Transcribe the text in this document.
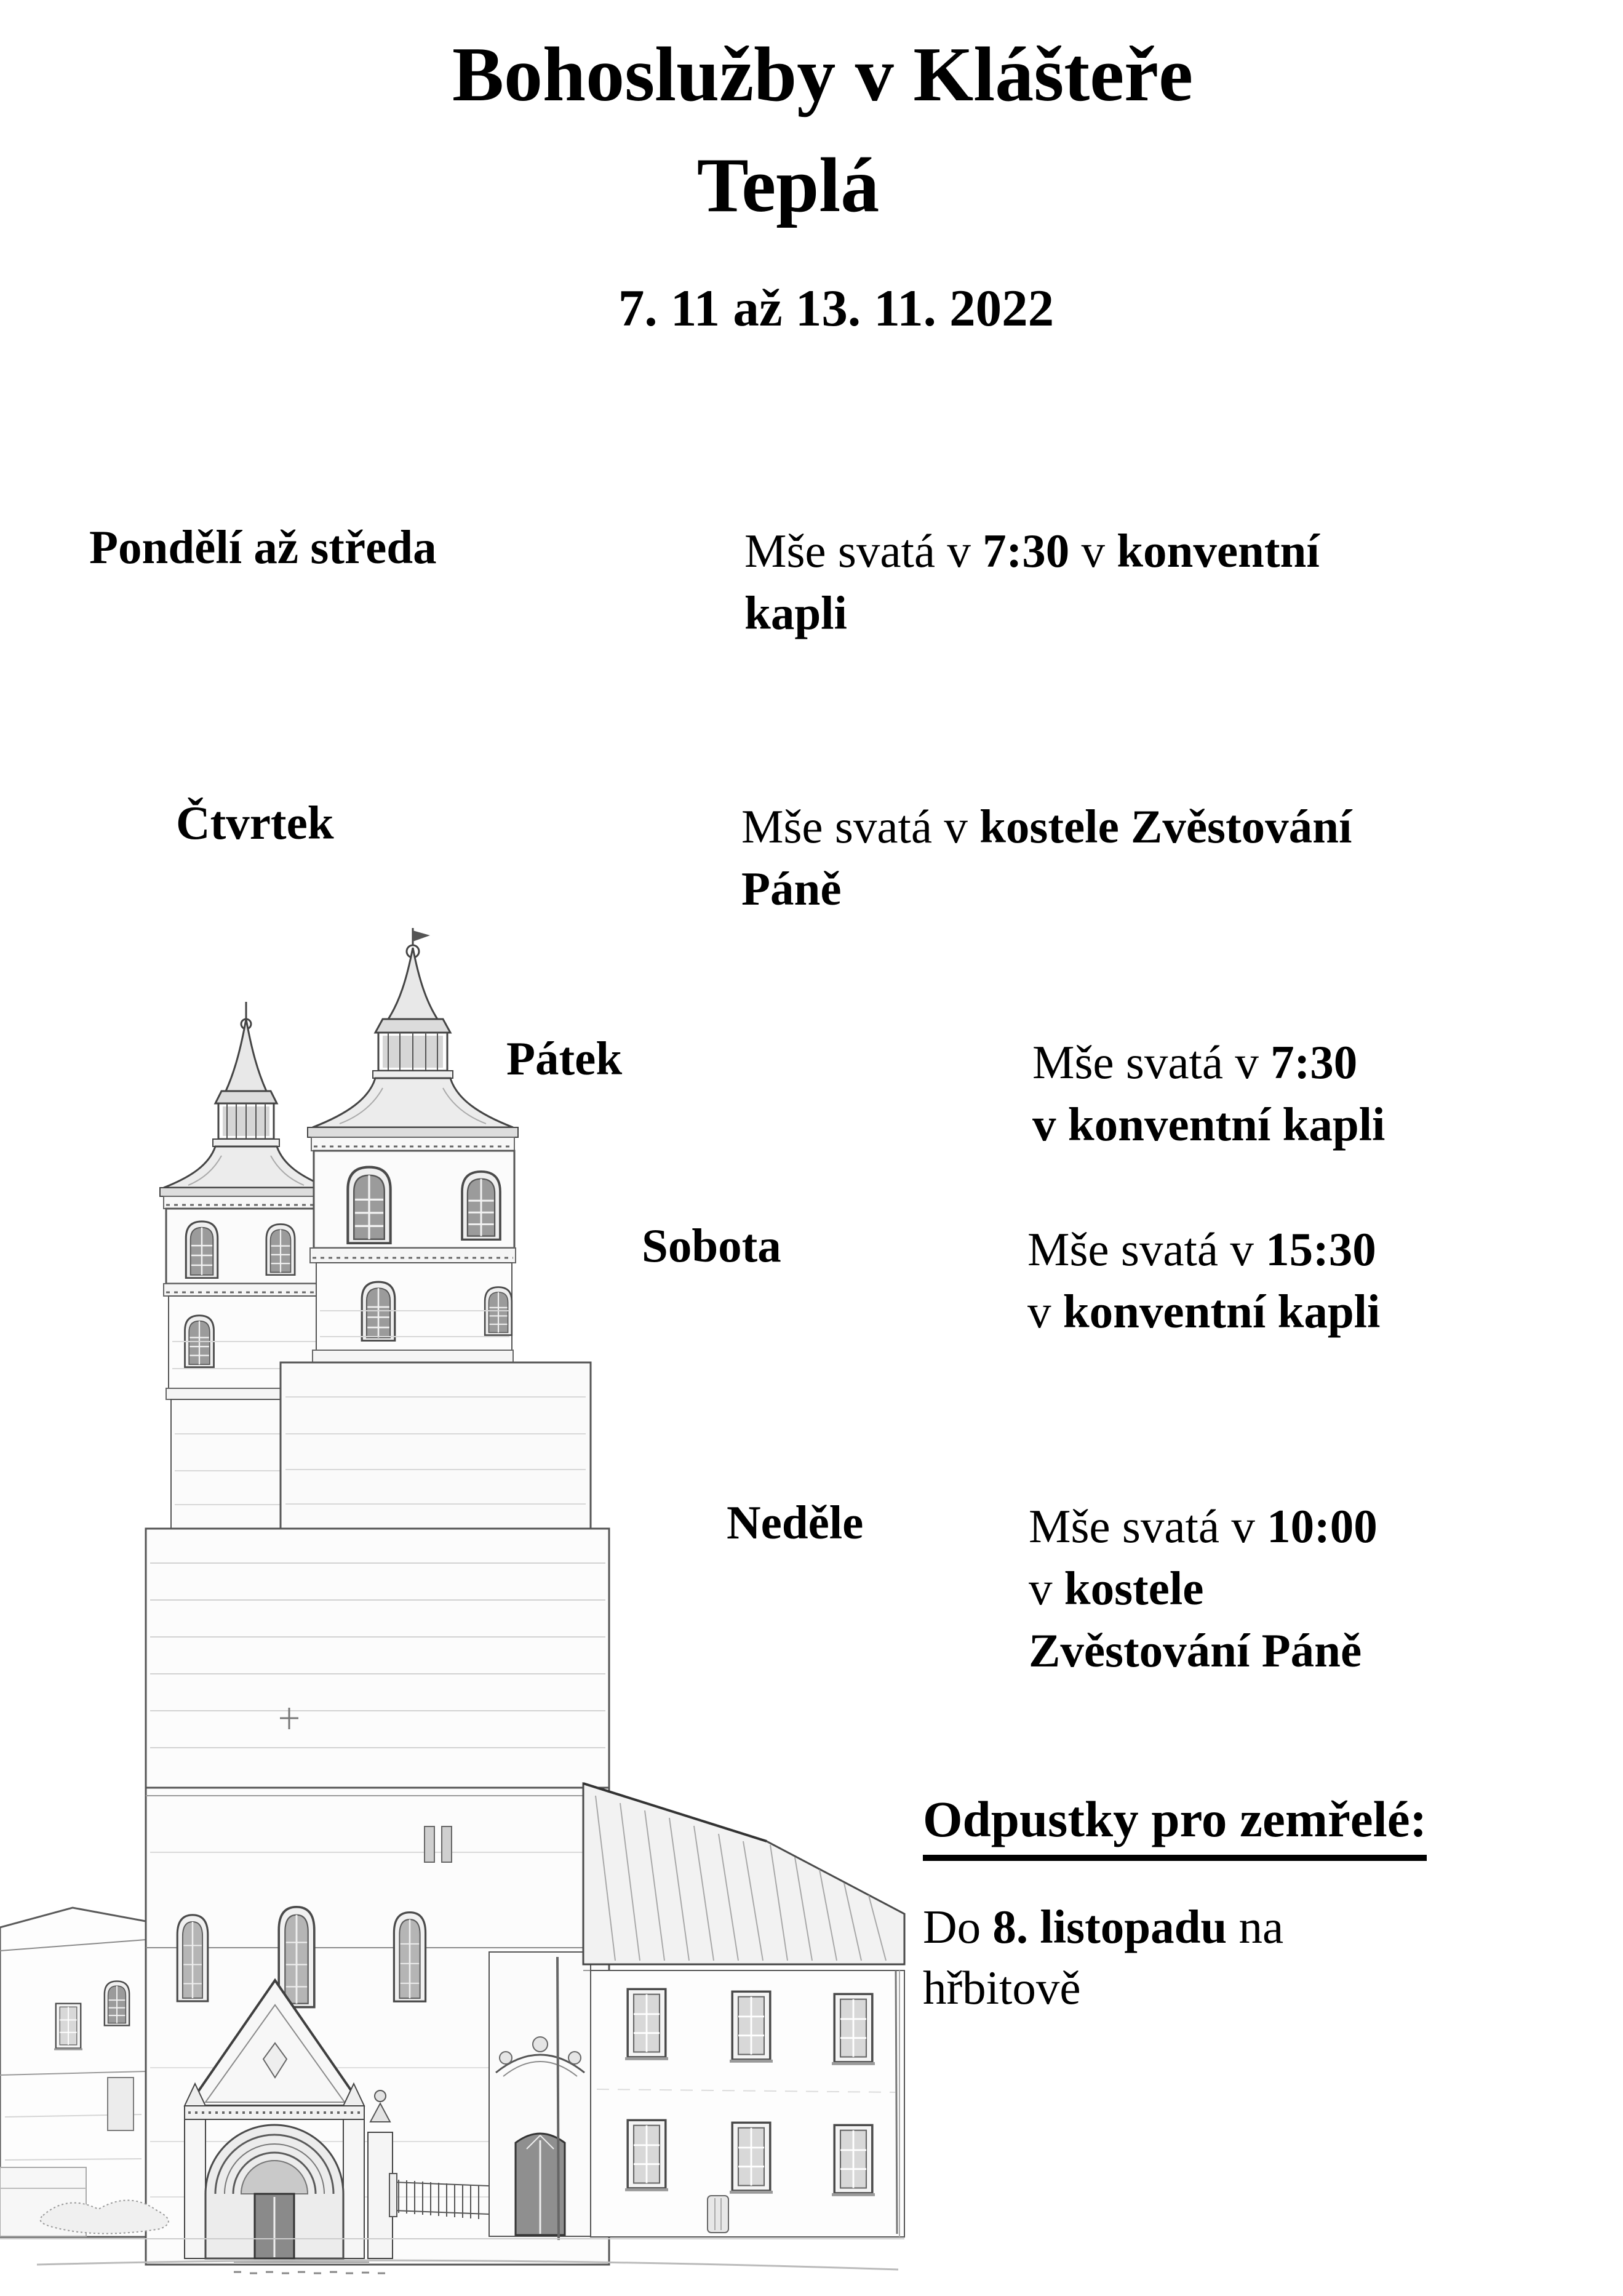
Bohoslužby v Klášteře
Teplá
7. 11 až 13. 11. 2022
Pondělí až středa	Mše svatá v 7:30 v konventní
kapli
Čtvrtek	Mše svatá v kostele Zvěstování
Páně
Pátek	Mše svatá v 7:30
v konventní kapli
Sobota	Mše svatá v 15:30
v konventní kapli
Neděle	Mše svatá v 10:00
v kostele
Zvěstování Páně
Odpustky pro zemřelé:
Do 8. listopadu na
hřbitově
